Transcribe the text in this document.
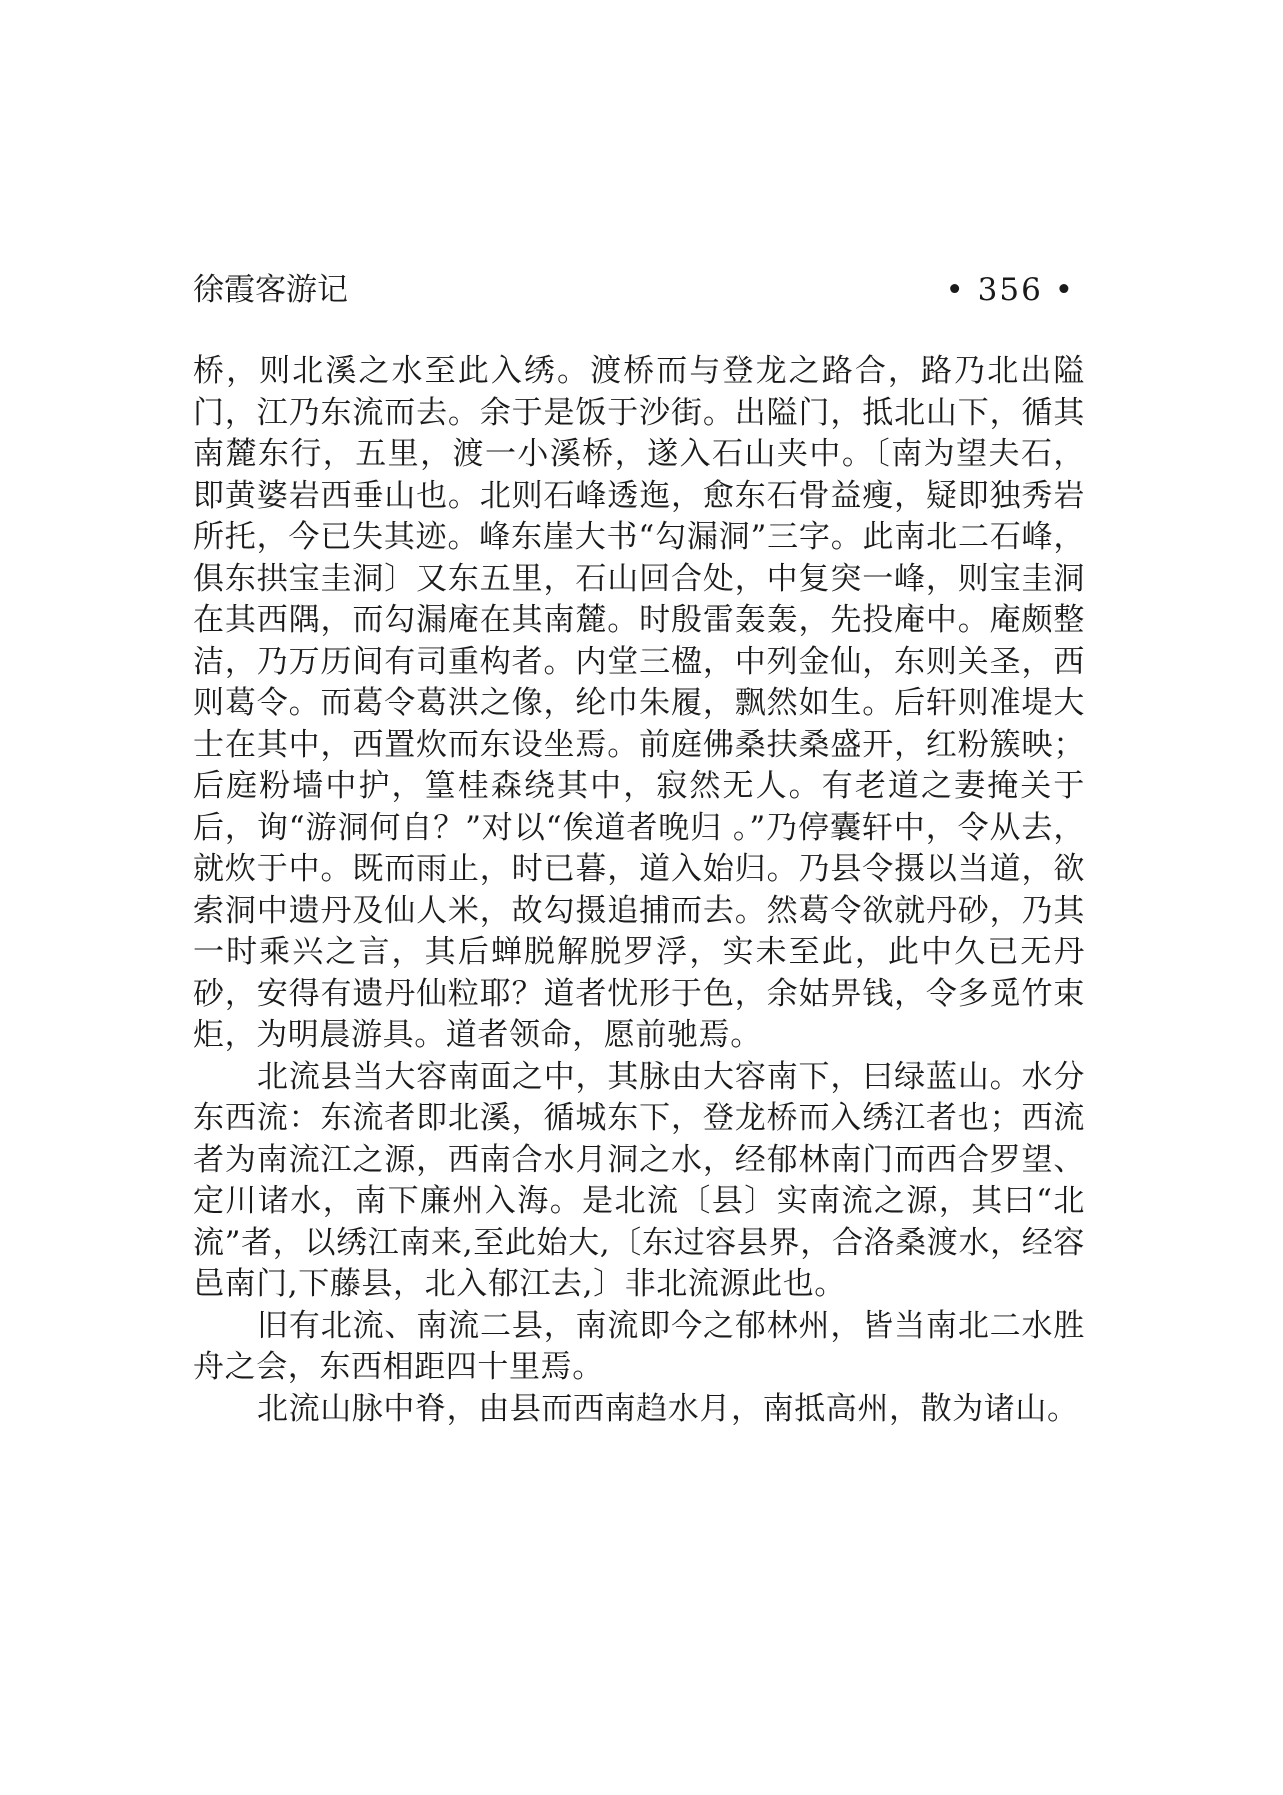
徐霞客游记	• 356 •

桥，则北溪之水至此入绣。渡桥而与登龙之路合，路乃北出隘门，江乃东流而去。余于是饭于沙街。出隘门，抵北山下，循其南麓东行，五里，渡一小溪桥，遂入石山夹中。〔南为望夫石，即黄婆岩西垂山也。北则石峰透迤，愈东石骨益瘦，疑即独秀岩所托，今已失其迹。峰东崖大书“勾漏洞”三字。此南北二石峰，俱东拱宝圭洞〕又东五里，石山回合处，中复突一峰，则宝圭洞在其西隅，而勾漏庵在其南麓。时殷雷轰轰，先投庵中。庵颇整洁，乃万历间有司重构者。内堂三楹，中列金仙，东则关圣，西则葛令。而葛令葛洪之像，纶巾朱履，飘然如生。后轩则准堤大士在其中，西置炊而东设坐焉。前庭佛桑扶桑盛开，红粉簇映；后庭粉墙中护，篁桂森绕其中，寂然无人。有老道之妻掩关于后，询“游洞何自？”对以“俟道者晚归 。”乃停囊轩中，令从去，就炊于中。既而雨止，时已暮，道入始归。乃县令摄以当道，欲索洞中遗丹及仙人米，故勾摄追捕而去。然葛令欲就丹砂，乃其一时乘兴之言，其后蝉脱解脱罗浮，实未至此，此中久已无丹砂，安得有遗丹仙粒耶？道者忧形于色，余姑畀钱，令多觅竹束炬，为明晨游具。道者领命，愿前驰焉。

北流县当大容南面之中，其脉由大容南下，曰绿蓝山。水分东西流：东流者即北溪，循城东下，登龙桥而入绣江者也；西流者为南流江之源，西南合水月洞之水，经郁林南门而西合罗望、定川诸水，南下廉州入海。是北流〔县〕实南流之源，其曰“北流”者，以绣江南来,至此始大,〔东过容县界，合洛桑渡水，经容邑南门,下藤县，北入郁江去,〕非北流源此也。

旧有北流、南流二县，南流即今之郁林州，皆当南北二水胜舟之会，东西相距四十里焉。

北流山脉中脊，由县而西南趋水月，南抵高州，散为诸山。
